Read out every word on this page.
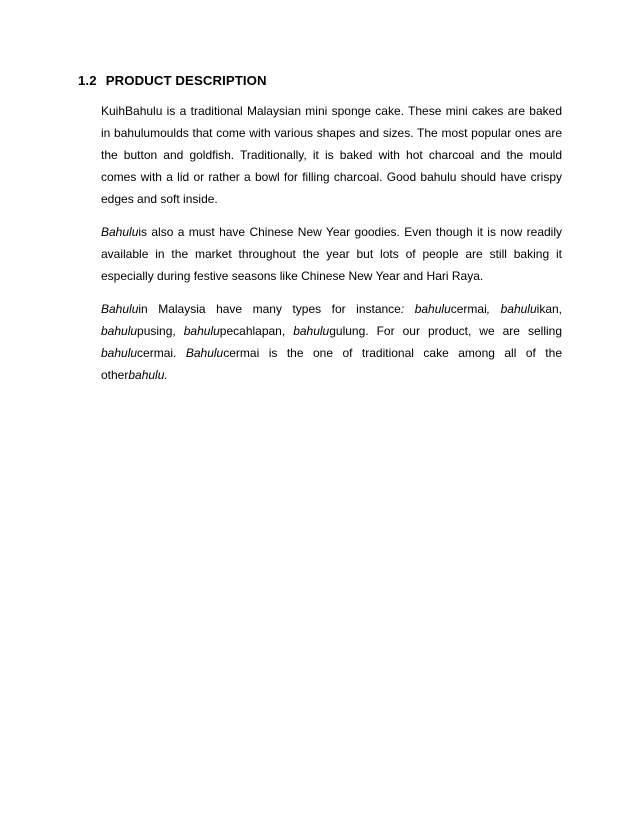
1.2 PRODUCT DESCRIPTION

KuihBahulu is a traditional Malaysian mini sponge cake. These mini cakes are baked in bahulumoulds that come with various shapes and sizes. The most popular ones are the button and goldfish. Traditionally, it is baked with hot charcoal and the mould comes with a lid or rather a bowl for filling charcoal. Good bahulu should have crispy edges and soft inside.

Bahuluis also a must have Chinese New Year goodies. Even though it is now readily available in the market throughout the year but lots of people are still baking it especially during festive seasons like Chinese New Year and Hari Raya.

Bahuluin Malaysia have many types for instance: bahulucermai, bahuluikan, bahulupusing, bahulupecahlapan, bahulugulung. For our product, we are selling bahulucermai. Bahulucermai is the one of traditional cake among all of the otherbahulu.
